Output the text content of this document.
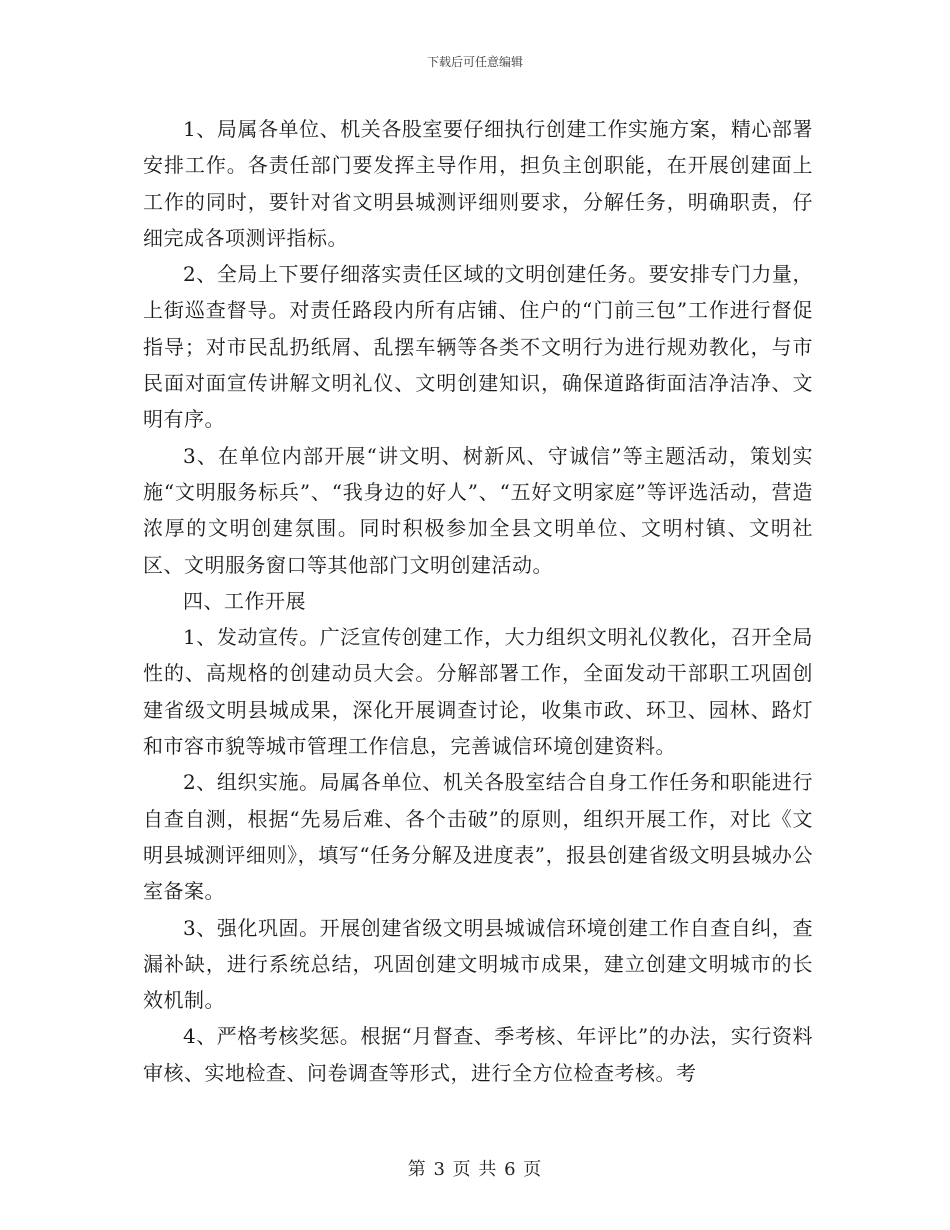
下载后可任意编辑

1、局属各单位、机关各股室要仔细执行创建工作实施方案，精心部署安排工作。各责任部门要发挥主导作用，担负主创职能，在开展创建面上工作的同时，要针对省文明县城测评细则要求，分解任务，明确职责，仔细完成各项测评指标。

2、全局上下要仔细落实责任区域的文明创建任务。要安排专门力量，上街巡查督导。对责任路段内所有店铺、住户的“门前三包”工作进行督促指导；对市民乱扔纸屑、乱摆车辆等各类不文明行为进行规劝教化，与市民面对面宣传讲解文明礼仪、文明创建知识，确保道路街面洁净洁净、文明有序。

3、在单位内部开展“讲文明、树新风、守诚信”等主题活动，策划实施“文明服务标兵”、“我身边的好人”、“五好文明家庭”等评选活动，营造浓厚的文明创建氛围。同时积极参加全县文明单位、文明村镇、文明社区、文明服务窗口等其他部门文明创建活动。

四、工作开展

1、发动宣传。广泛宣传创建工作，大力组织文明礼仪教化，召开全局性的、高规格的创建动员大会。分解部署工作，全面发动干部职工巩固创建省级文明县城成果，深化开展调查讨论，收集市政、环卫、园林、路灯和市容市貌等城市管理工作信息，完善诚信环境创建资料。

2、组织实施。局属各单位、机关各股室结合自身工作任务和职能进行自查自测，根据“先易后难、各个击破”的原则，组织开展工作，对比《文明县城测评细则》，填写“任务分解及进度表”，报县创建省级文明县城办公室备案。

3、强化巩固。开展创建省级文明县城诚信环境创建工作自查自纠，查漏补缺，进行系统总结，巩固创建文明城市成果，建立创建文明城市的长效机制。

4、严格考核奖惩。根据“月督查、季考核、年评比”的办法，实行资料审核、实地检查、问卷调查等形式，进行全方位检查考核。考

第 3 页 共 6 页
